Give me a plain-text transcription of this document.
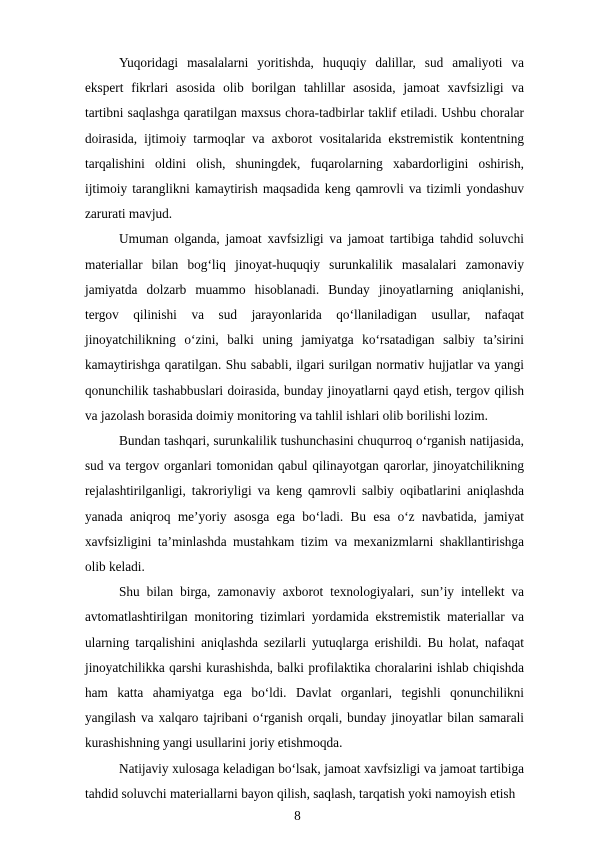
Yuqoridagi masalalarni yoritishda, huquqiy dalillar, sud amaliyoti va ekspert fikrlari asosida olib borilgan tahlillar asosida, jamoat xavfsizligi va tartibni saqlashga qaratilgan maxsus chora-tadbirlar taklif etiladi. Ushbu choralar doirasida, ijtimoiy tarmoqlar va axborot vositalarida ekstremistik kontentning tarqalishini oldini olish, shuningdek, fuqarolarning xabardorligini oshirish, ijtimoiy taranglikni kamaytirish maqsadida keng qamrovli va tizimli yondashuv zarurati mavjud.

Umuman olganda, jamoat xavfsizligi va jamoat tartibiga tahdid soluvchi materiallar bilan bog‘liq jinoyat-huquqiy surunkalilik masalalari zamonaviy jamiyatda dolzarb muammo hisoblanadi. Bunday jinoyatlarning aniqlanishi, tergov qilinishi va sud jarayonlarida qo‘llaniladigan usullar, nafaqat jinoyatchilikning o‘zini, balki uning jamiyatga ko‘rsatadigan salbiy ta’sirini kamaytirishga qaratilgan. Shu sababli, ilgari surilgan normativ hujjatlar va yangi qonunchilik tashabbuslari doirasida, bunday jinoyatlarni qayd etish, tergov qilish va jazolash borasida doimiy monitoring va tahlil ishlari olib borilishi lozim.

Bundan tashqari, surunkalilik tushunchasini chuqurroq o‘rganish natijasida, sud va tergov organlari tomonidan qabul qilinayotgan qarorlar, jinoyatchilikning rejalashtirilganligi, takroriyligi va keng qamrovli salbiy oqibatlarini aniqlashda yanada aniqroq me’yoriy asosga ega bo‘ladi. Bu esa o‘z navbatida, jamiyat xavfsizligini ta’minlashda mustahkam tizim va mexanizmlarni shakllantirishga olib keladi.

Shu bilan birga, zamonaviy axborot texnologiyalari, sun’iy intellekt va avtomatlashtirilgan monitoring tizimlari yordamida ekstremistik materiallar va ularning tarqalishini aniqlashda sezilarli yutuqlarga erishildi. Bu holat, nafaqat jinoyatchilikka qarshi kurashishda, balki profilaktika choralarini ishlab chiqishda ham katta ahamiyatga ega bo‘ldi. Davlat organlari, tegishli qonunchilikni yangilash va xalqaro tajribani o‘rganish orqali, bunday jinoyatlar bilan samarali kurashishning yangi usullarini joriy etishmoqda.

Natijaviy xulosaga keladigan bo‘lsak, jamoat xavfsizligi va jamoat tartibiga tahdid soluvchi materiallarni bayon qilish, saqlash, tarqatish yoki namoyish etish

8
